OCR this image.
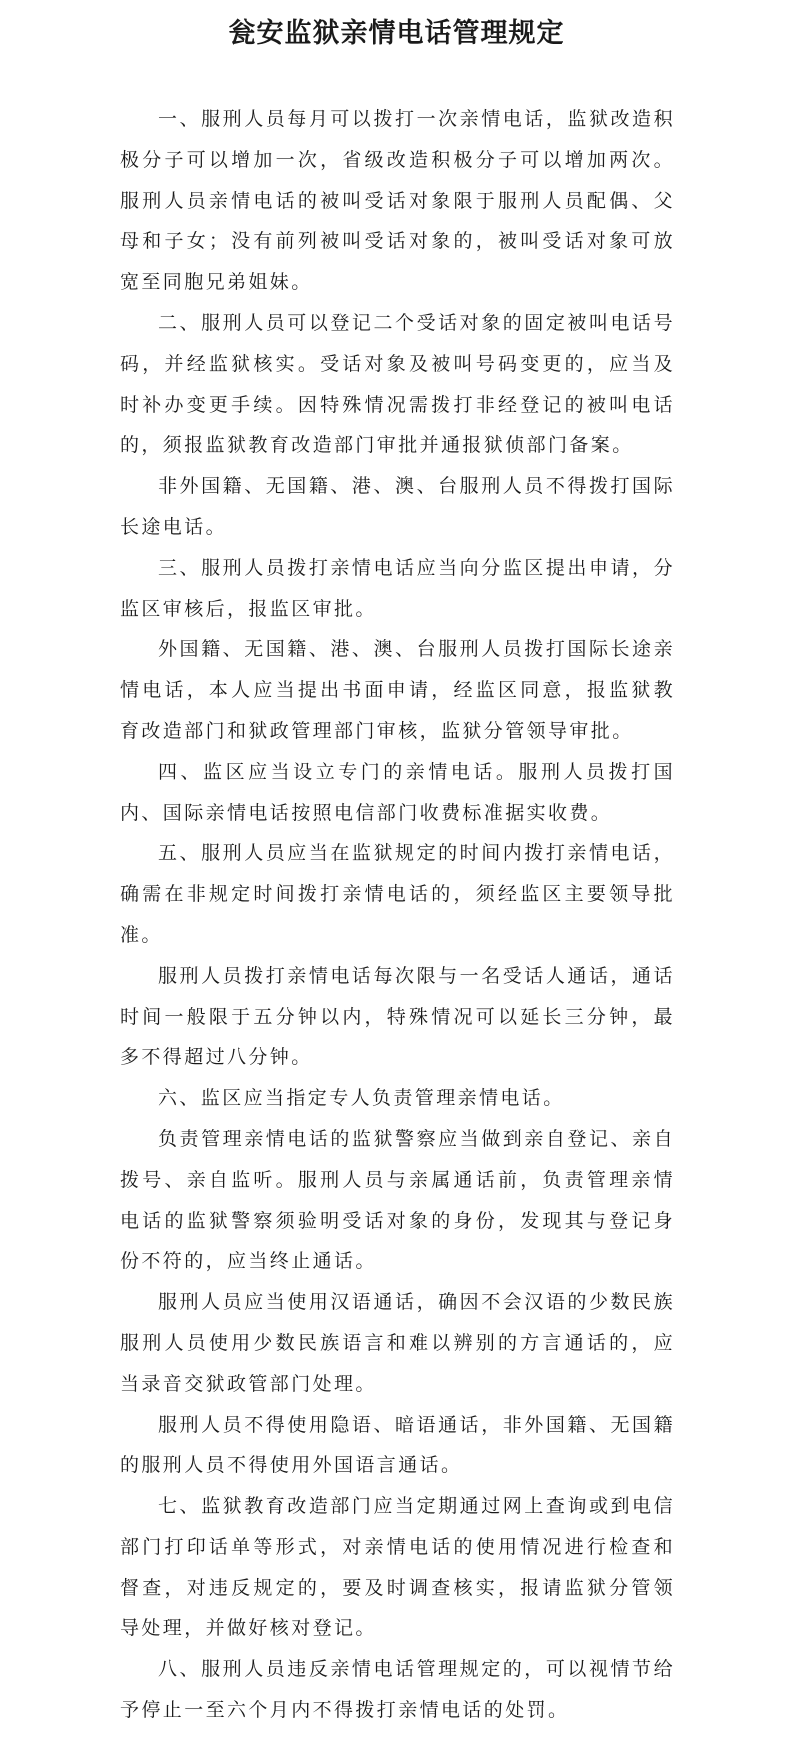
瓮安监狱亲情电话管理规定

一、服刑人员每月可以拨打一次亲情电话，监狱改造积极分子可以增加一次，省级改造积极分子可以增加两次。服刑人员亲情电话的被叫受话对象限于服刑人员配偶、父母和子女；没有前列被叫受话对象的，被叫受话对象可放宽至同胞兄弟姐妹。

二、服刑人员可以登记二个受话对象的固定被叫电话号码，并经监狱核实。受话对象及被叫号码变更的，应当及时补办变更手续。因特殊情况需拨打非经登记的被叫电话的，须报监狱教育改造部门审批并通报狱侦部门备案。

非外国籍、无国籍、港、澳、台服刑人员不得拨打国际长途电话。

三、服刑人员拨打亲情电话应当向分监区提出申请，分监区审核后，报监区审批。

外国籍、无国籍、港、澳、台服刑人员拨打国际长途亲情电话，本人应当提出书面申请，经监区同意，报监狱教育改造部门和狱政管理部门审核，监狱分管领导审批。

四、监区应当设立专门的亲情电话。服刑人员拨打国内、国际亲情电话按照电信部门收费标准据实收费。

五、服刑人员应当在监狱规定的时间内拨打亲情电话，确需在非规定时间拨打亲情电话的，须经监区主要领导批准。

服刑人员拨打亲情电话每次限与一名受话人通话，通话时间一般限于五分钟以内，特殊情况可以延长三分钟，最多不得超过八分钟。

六、监区应当指定专人负责管理亲情电话。

负责管理亲情电话的监狱警察应当做到亲自登记、亲自拨号、亲自监听。服刑人员与亲属通话前，负责管理亲情电话的监狱警察须验明受话对象的身份，发现其与登记身份不符的，应当终止通话。

服刑人员应当使用汉语通话，确因不会汉语的少数民族服刑人员使用少数民族语言和难以辨别的方言通话的，应当录音交狱政管部门处理。

服刑人员不得使用隐语、暗语通话，非外国籍、无国籍的服刑人员不得使用外国语言通话。

七、监狱教育改造部门应当定期通过网上查询或到电信部门打印话单等形式，对亲情电话的使用情况进行检查和督查，对违反规定的，要及时调查核实，报请监狱分管领导处理，并做好核对登记。

八、服刑人员违反亲情电话管理规定的，可以视情节给予停止一至六个月内不得拨打亲情电话的处罚。
